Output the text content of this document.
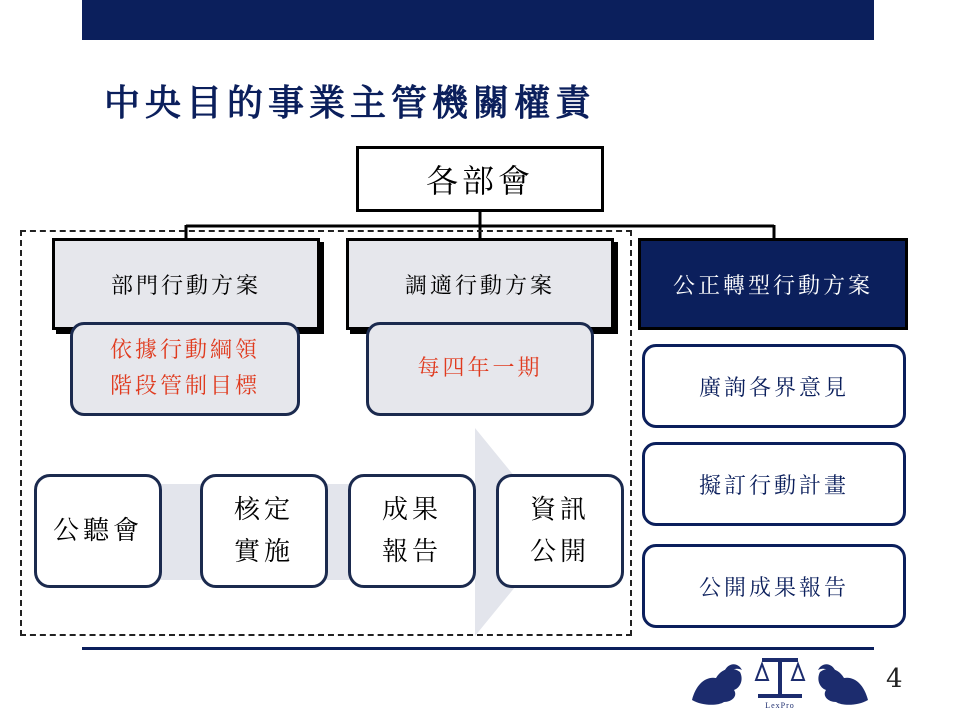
中央目的事業主管機關權責
各部會
部門行動方案	調適行動方案	公正轉型行動方案
依據行動綱領
階段管制目標
每四年一期
公聽會
核定
實施
成果
報告
資訊
公開
廣詢各界意見
擬訂行動計畫
公開成果報告
LexPro
4
